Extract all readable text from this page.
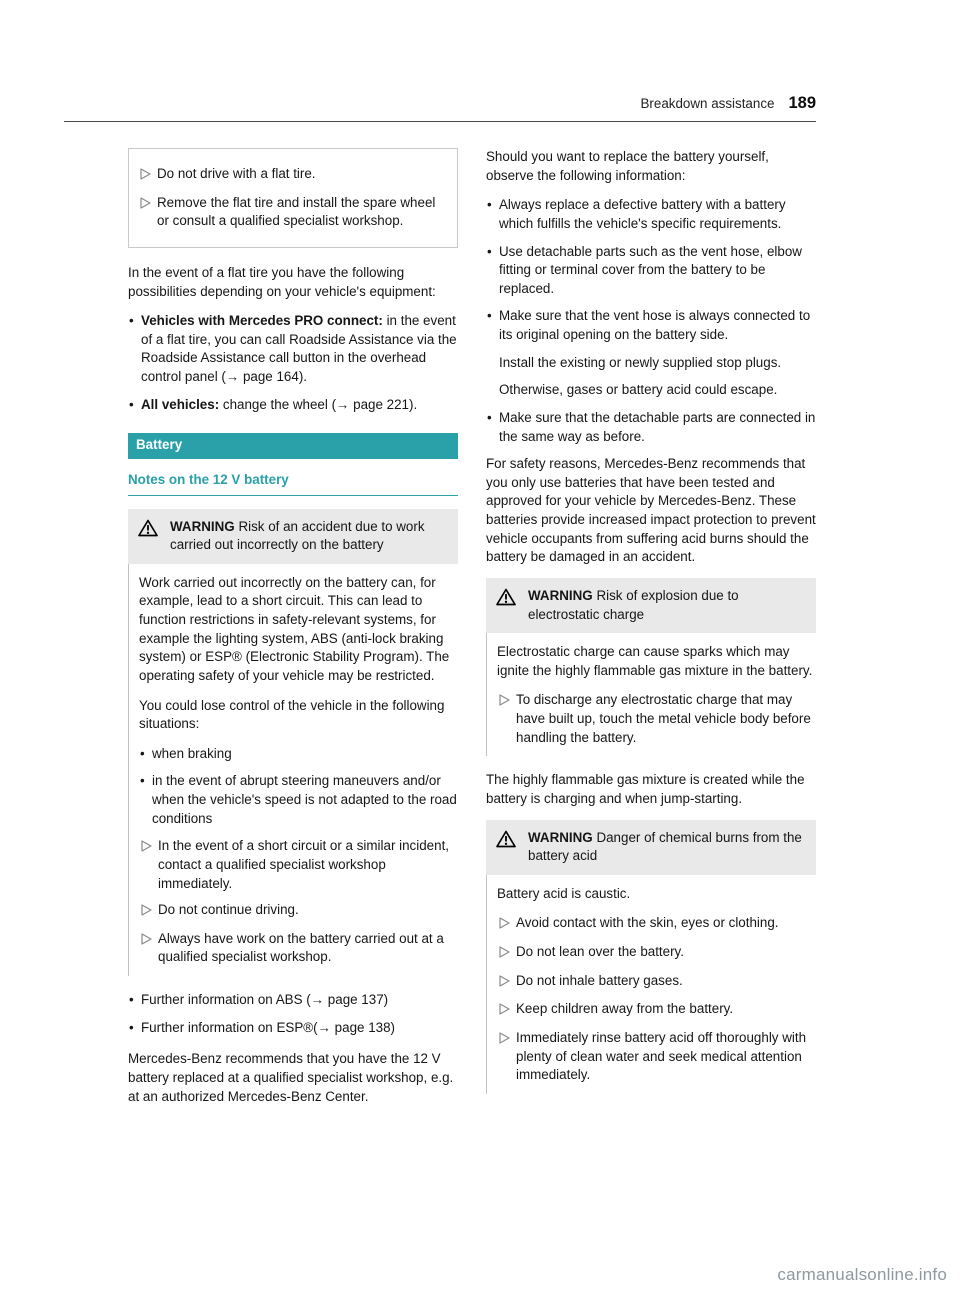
Breakdown assistance 189
Do not drive with a flat tire.
Remove the flat tire and install the spare wheel or consult a qualified specialist workshop.

In the event of a flat tire you have the following possibilities depending on your vehicle's equipment:

• Vehicles with Mercedes PRO connect: in the event of a flat tire, you can call Roadside Assistance via the Roadside Assistance call button in the overhead control panel (→ page 164).
• All vehicles: change the wheel (→ page 221).
Battery
Notes on the 12 V battery
WARNING Risk of an accident due to work carried out incorrectly on the battery

Work carried out incorrectly on the battery can, for example, lead to a short circuit. This can lead to function restrictions in safety-relevant systems, for example the lighting system, ABS (anti-lock braking system) or ESP® (Electronic Stability Program). The operating safety of your vehicle may be restricted.

You could lose control of the vehicle in the following situations:

• when braking
• in the event of abrupt steering maneuvers and/or when the vehicle's speed is not adapted to the road conditions
In the event of a short circuit or a similar incident, contact a qualified specialist workshop immediately.
Do not continue driving.
Always have work on the battery carried out at a qualified specialist workshop.
• Further information on ABS (→ page 137)
• Further information on ESP®(→ page 138)

Mercedes-Benz recommends that you have the 12 V battery replaced at a qualified specialist workshop, e.g. at an authorized Mercedes-Benz Center.

Should you want to replace the battery yourself, observe the following information:

• Always replace a defective battery with a battery which fulfills the vehicle's specific requirements.
• Use detachable parts such as the vent hose, elbow fitting or terminal cover from the battery to be replaced.
• Make sure that the vent hose is always connected to its original opening on the battery side.

Install the existing or newly supplied stop plugs.

Otherwise, gases or battery acid could escape.

• Make sure that the detachable parts are connected in the same way as before.

For safety reasons, Mercedes-Benz recommends that you only use batteries that have been tested and approved for your vehicle by Mercedes-Benz. These batteries provide increased impact protection to prevent vehicle occupants from suffering acid burns should the battery be damaged in an accident.

WARNING Risk of explosion due to electrostatic charge

Electrostatic charge can cause sparks which may ignite the highly flammable gas mixture in the battery.

To discharge any electrostatic charge that may have built up, touch the metal vehicle body before handling the battery.

The highly flammable gas mixture is created while the battery is charging and when jump-starting.

WARNING Danger of chemical burns from the battery acid

Battery acid is caustic.

Avoid contact with the skin, eyes or clothing.
Do not lean over the battery.
Do not inhale battery gases.
Keep children away from the battery.
Immediately rinse battery acid off thoroughly with plenty of clean water and seek medical attention immediately.
carmanualsonline.info
